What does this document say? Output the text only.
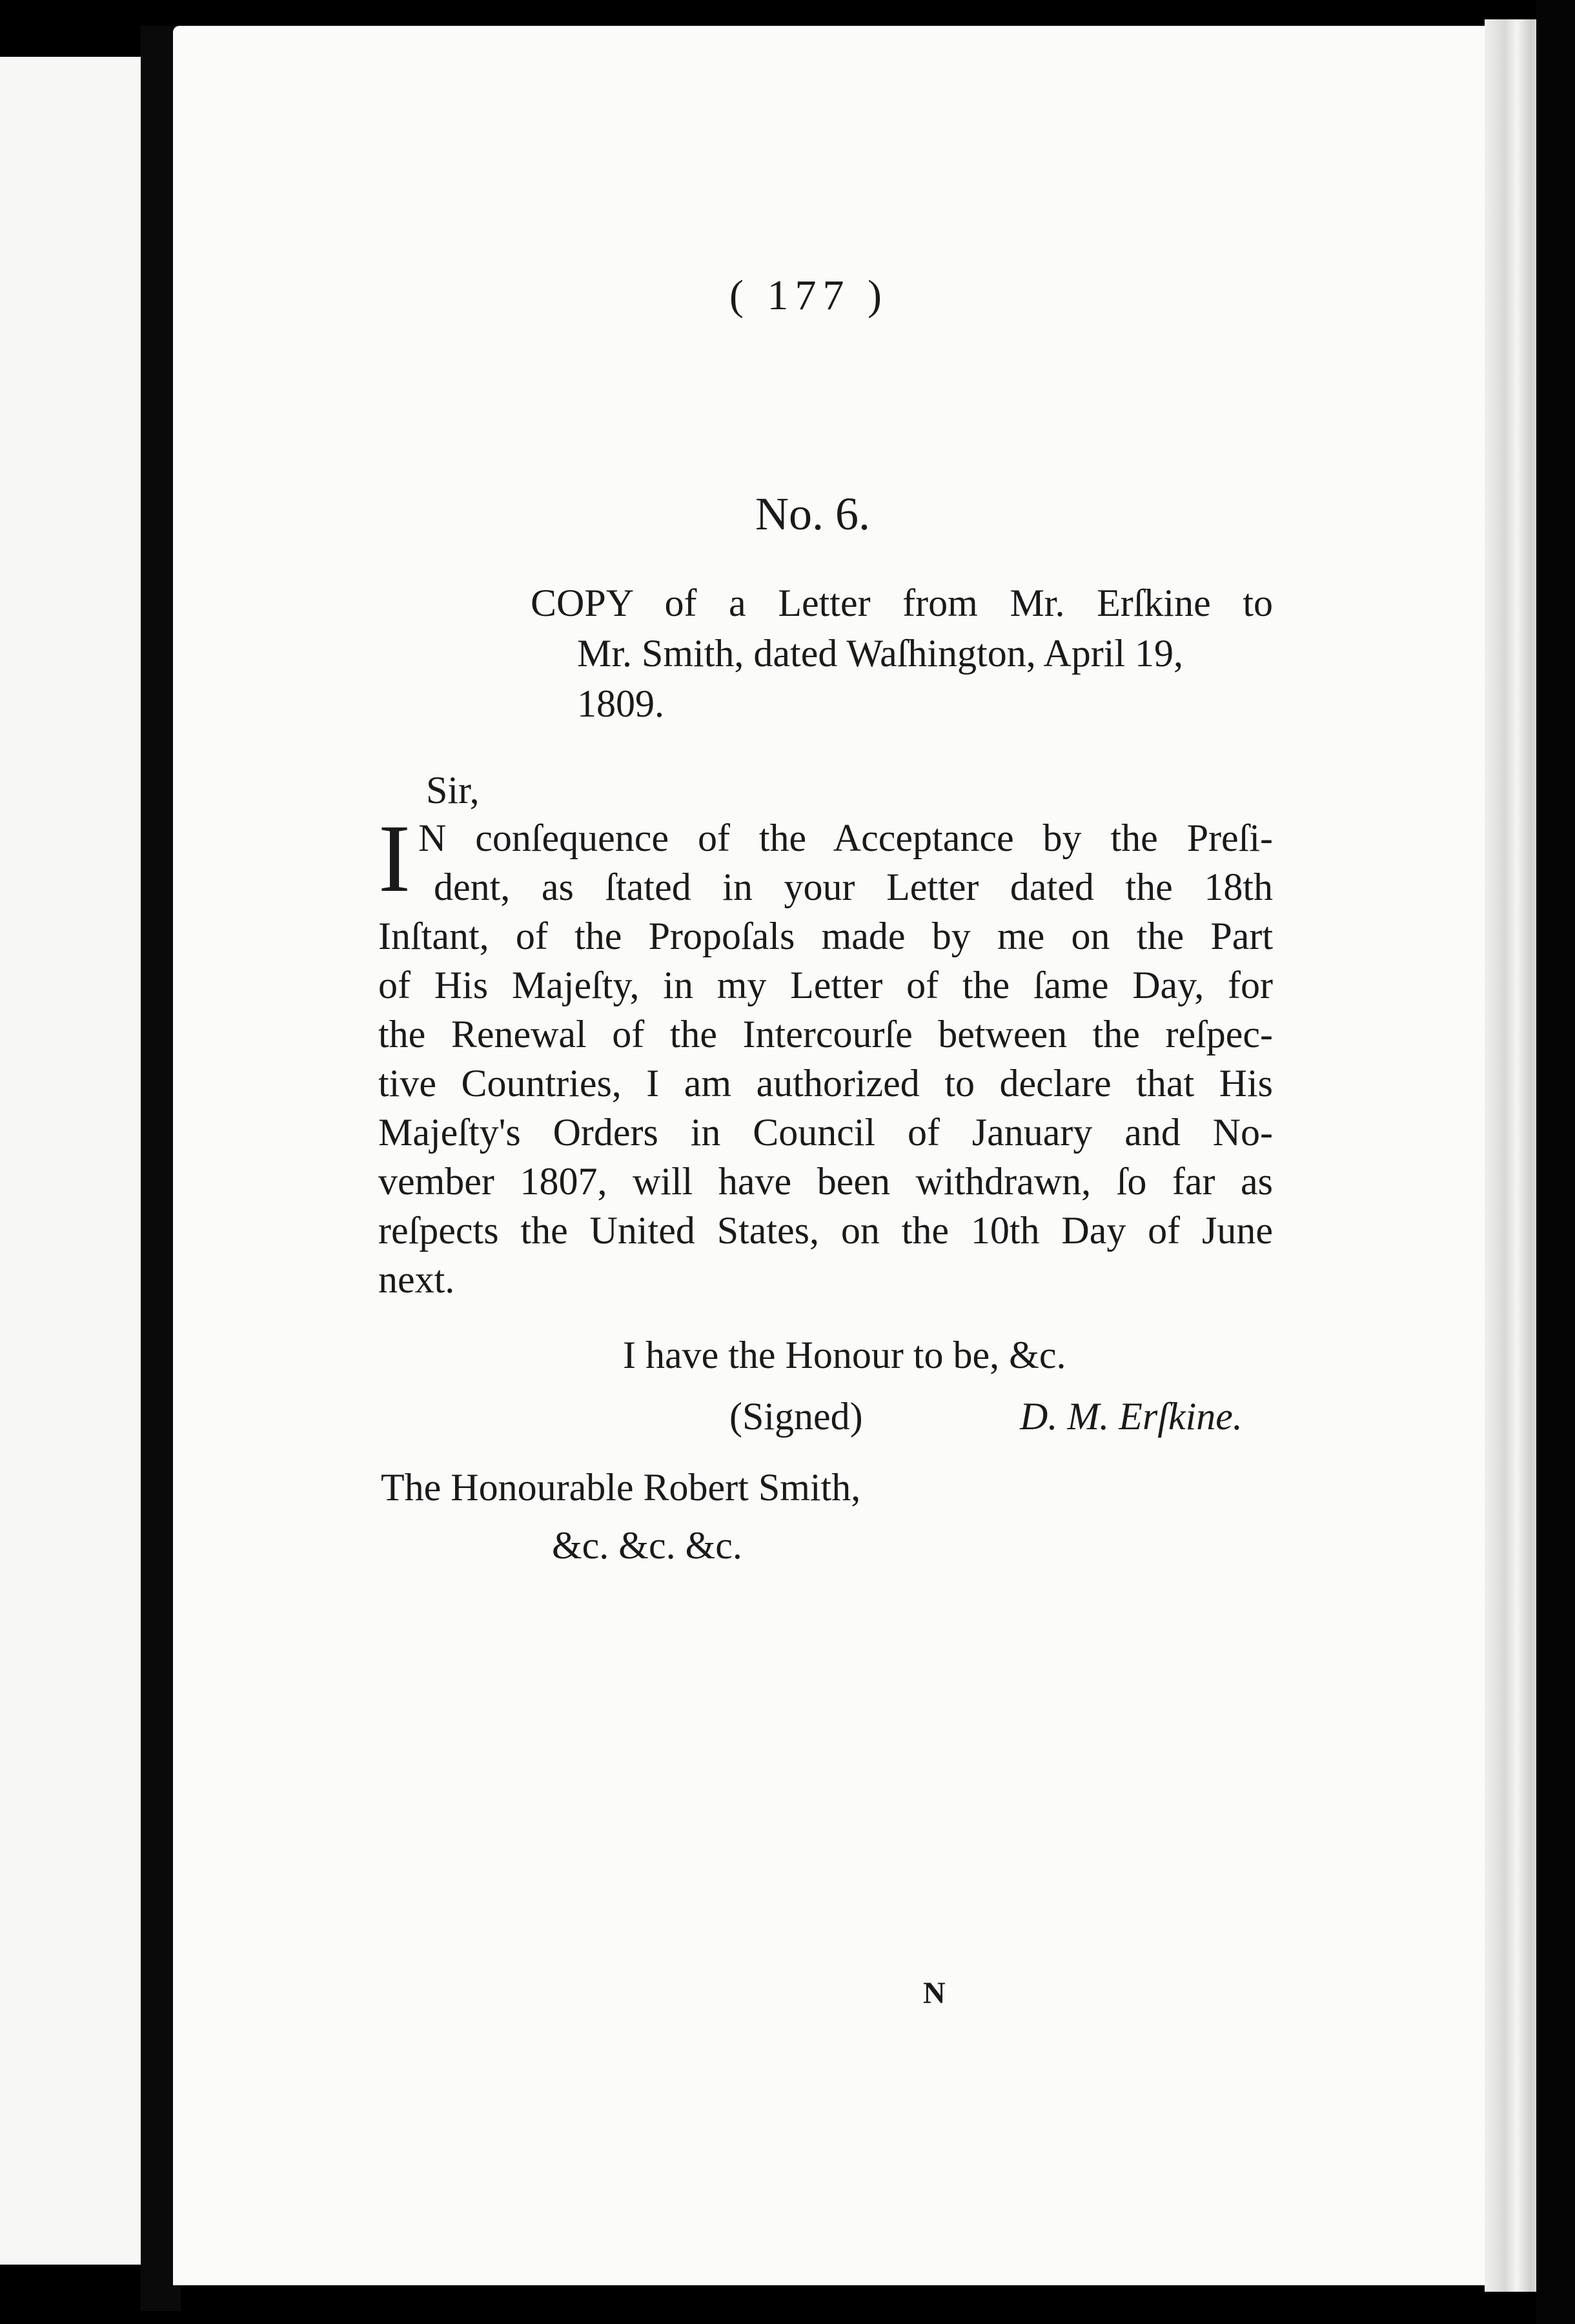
( 177 )
No. 6.
COPY of a Letter from Mr. Erſkine to
Mr. Smith, dated Waſhington, April 19,
1809.
Sir,
I N conſequence of the Acceptance by the Preſi-
dent, as ſtated in your Letter dated the 18th
Inſtant, of the Propoſals made by me on the Part
of His Majeſty, in my Letter of the ſame Day, for
the Renewal of the Intercourſe between the reſpec-
tive Countries, I am authorized to declare that His
Majeſty's Orders in Council of January and No-
vember 1807, will have been withdrawn, ſo far as
reſpects the United States, on the 10th Day of June
next.
I have the Honour to be, &c.
(Signed)	D. M. Erſkine.
The Honourable Robert Smith,
&c. &c. &c.
N
